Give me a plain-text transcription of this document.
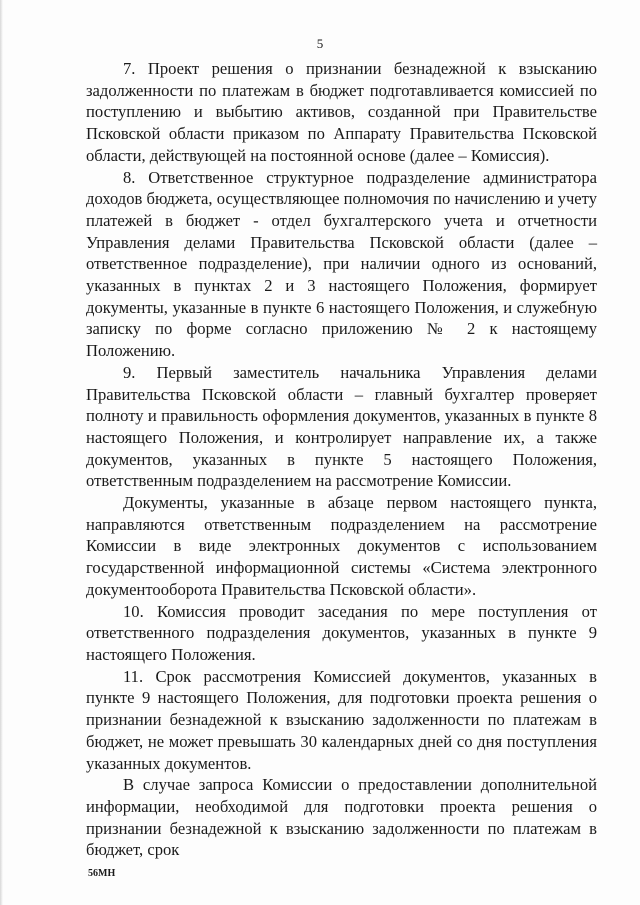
5

7. Проект решения о признании безнадежной к взысканию задолженности по платежам в бюджет подготавливается комиссией по поступлению и выбытию активов, созданной при Правительстве Псковской области приказом по Аппарату Правительства Псковской области, действующей на постоянной основе (далее – Комиссия).

8. Ответственное структурное подразделение администратора доходов бюджета, осуществляющее полномочия по начислению и учету платежей в бюджет - отдел бухгалтерского учета и отчетности Управления делами Правительства Псковской области (далее – ответственное подразделение), при наличии одного из оснований, указанных в пунктах 2 и 3 настоящего Положения, формирует документы, указанные в пункте 6 настоящего Положения, и служебную записку по форме согласно приложению № 2 к настоящему Положению.

9. Первый заместитель начальника Управления делами Правительства Псковской области – главный бухгалтер проверяет полноту и правильность оформления документов, указанных в пункте 8 настоящего Положения, и контролирует направление их, а также документов, указанных в пункте 5 настоящего Положения, ответственным подразделением на рассмотрение Комиссии.

Документы, указанные в абзаце первом настоящего пункта, направляются ответственным подразделением на рассмотрение Комиссии в виде электронных документов с использованием государственной информационной системы «Система электронного документооборота Правительства Псковской области».

10. Комиссия проводит заседания по мере поступления от ответственного подразделения документов, указанных в пункте 9 настоящего Положения.

11. Срок рассмотрения Комиссией документов, указанных в пункте 9 настоящего Положения, для подготовки проекта решения о признании безнадежной к взысканию задолженности по платежам в бюджет, не может превышать 30 календарных дней со дня поступления указанных документов.

В случае запроса Комиссии о предоставлении дополнительной информации, необходимой для подготовки проекта решения о признании безнадежной к взысканию задолженности по платежам в бюджет, срок

56МН
